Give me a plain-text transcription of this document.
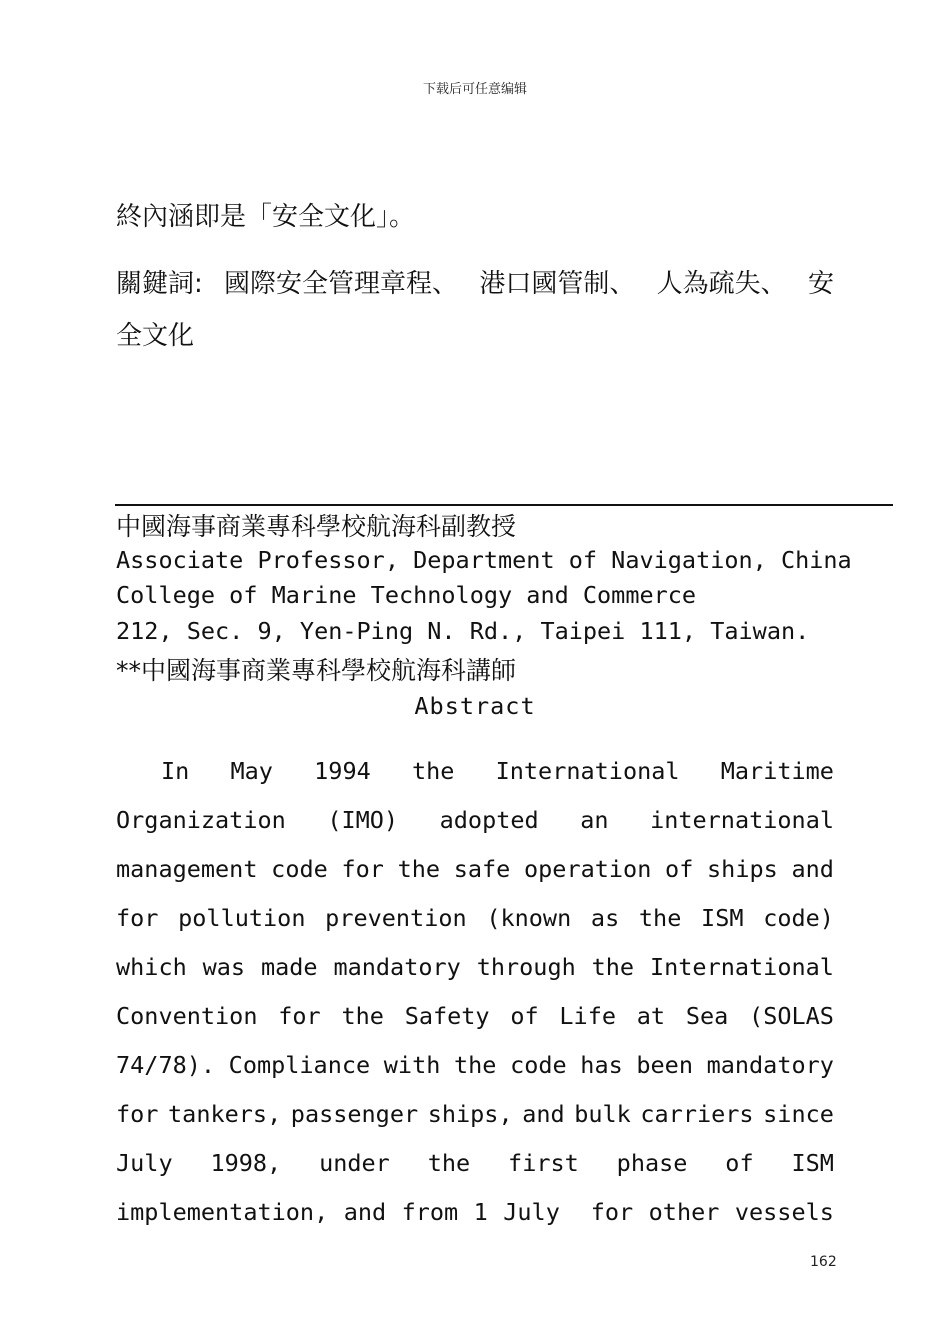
下载后可任意编辑
終內涵即是「安全文化」。
關鍵詞: 國際安全管理章程、 港口國管制、 人為疏失、 安
全文化
中國海事商業專科學校航海科副教授
Associate Professor, Department of Navigation, China
College of Marine Technology and Commerce
212, Sec. 9, Yen-Ping N. Rd., Taipei 111, Taiwan.
**中國海事商業專科學校航海科講師
Abstract
In May 1994 the International Maritime
Organization (IMO) adopted an international
management code for the safe operation of ships and
for pollution prevention (known as the ISM code)
which was made mandatory through the International
Convention for the Safety of Life at Sea (SOLAS
74/78). Compliance with the code has been mandatory
for tankers, passenger ships, and bulk carriers since
July 1998, under the first phase of ISM
implementation, and from 1 July for other vessels
162
